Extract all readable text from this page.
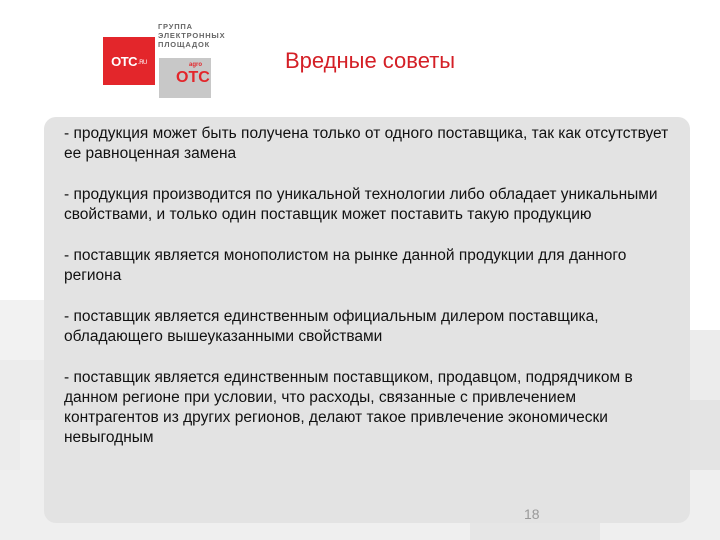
ОТС .RU
ГРУППА
ЭЛЕКТРОННЫХ
ПЛОЩАДОК
agro
ОТС
Вредные советы
- продукция может быть получена только от одного поставщика, так как отсутствует ее равноценная замена
- продукция производится по уникальной технологии либо обладает уникальными свойствами, и только один поставщик может поставить такую продукцию
- поставщик является монополистом на рынке данной продукции для данного региона
- поставщик является единственным официальным дилером поставщика, обладающего вышеуказанными свойствами
- поставщик является единственным поставщиком, продавцом, подрядчиком в данном регионе при условии, что расходы, связанные с привлечением контрагентов из других регионов, делают такое привлечение экономически невыгодным
18
